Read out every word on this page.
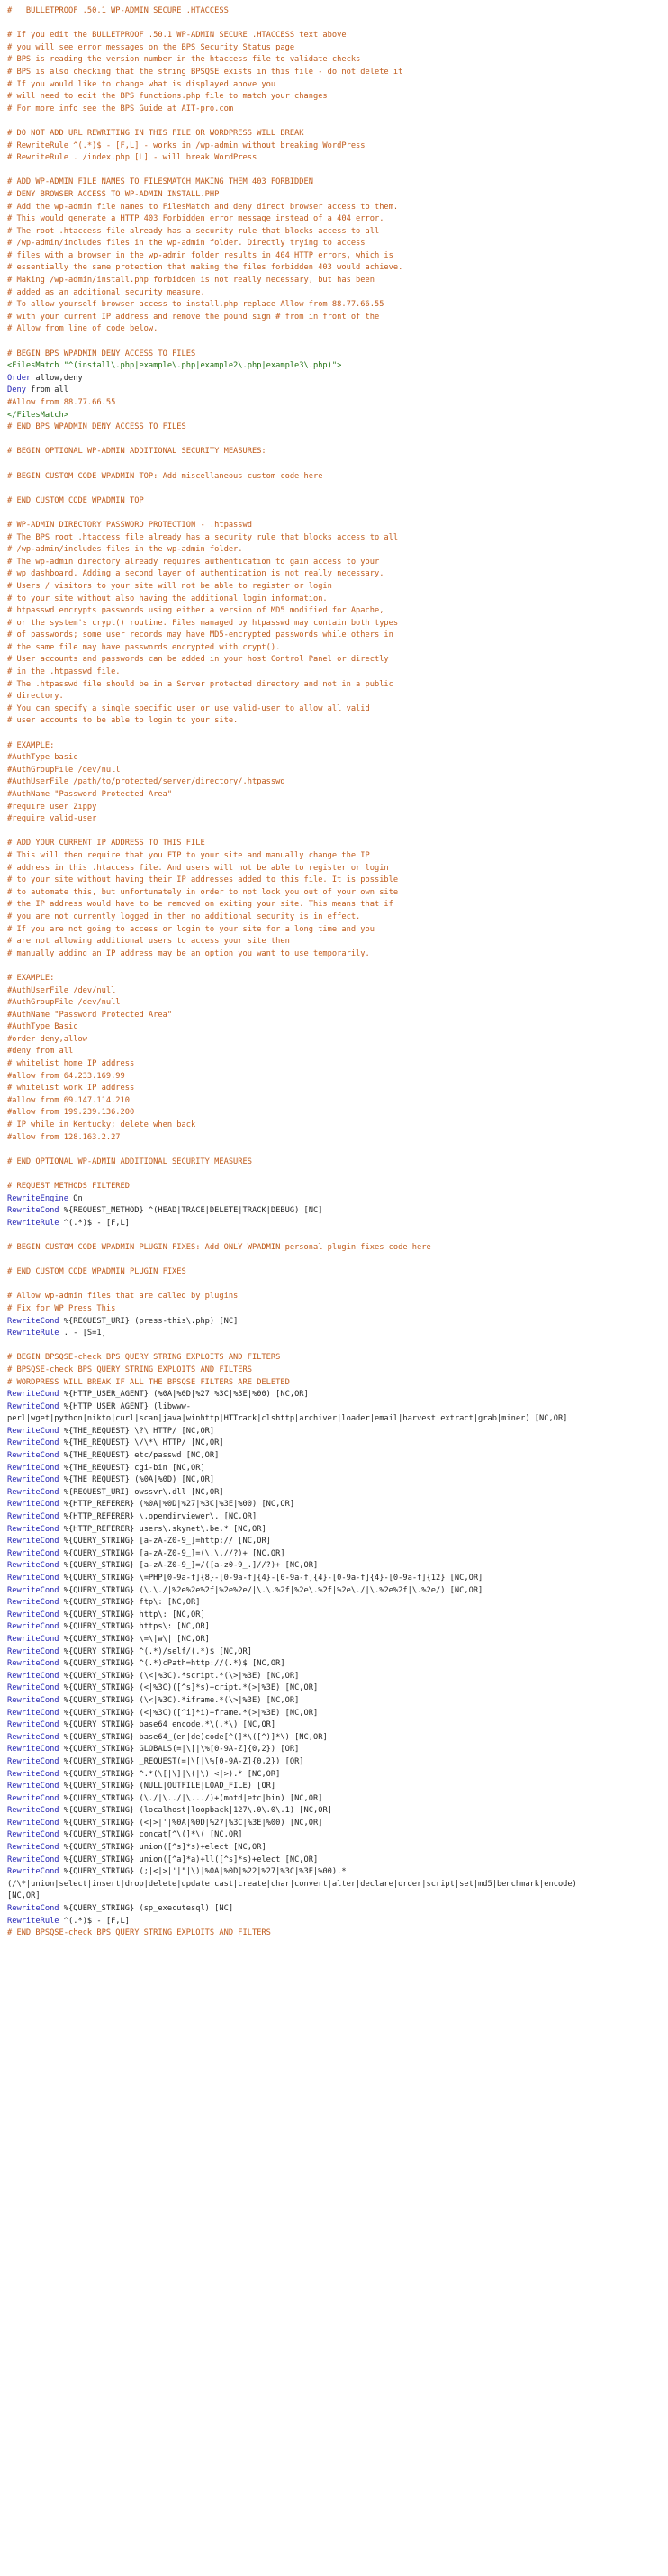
#   BULLETPROOF .50.1 WP-ADMIN SECURE .HTACCESS
# If you edit the BULLETPROOF .50.1 WP-ADMIN SECURE .HTACCESS text above
# you will see error messages on the BPS Security Status page
# BPS is reading the version number in the htaccess file to validate checks
# BPS is also checking that the string BPSQSE exists in this file - do not delete it
# If you would like to change what is displayed above you
# will need to edit the BPS functions.php file to match your changes
# For more info see the BPS Guide at AIT-pro.com
# DO NOT ADD URL REWRITING IN THIS FILE OR WORDPRESS WILL BREAK
# RewriteRule ^(.*)$ - [F,L] - works in /wp-admin without breaking WordPress
# RewriteRule . /index.php [L] - will break WordPress
# ADD WP-ADMIN FILE NAMES TO FILESMATCH MAKING THEM 403 FORBIDDEN
# DENY BROWSER ACCESS TO WP-ADMIN INSTALL.PHP
# Add the wp-admin file names to FilesMatch and deny direct browser access to them.
# This would generate a HTTP 403 Forbidden error message instead of a 404 error.
# The root .htaccess file already has a security rule that blocks access to all
# /wp-admin/includes files in the wp-admin folder. Directly trying to access
# files with a browser in the wp-admin folder results in 404 HTTP errors, which is
# essentially the same protection that making the files forbidden 403 would achieve.
# Making /wp-admin/install.php forbidden is not really necessary, but has been
# added as an additional security measure.
# To allow yourself browser access to install.php replace Allow from 88.77.66.55
# with your current IP address and remove the pound sign # from in front of the
# Allow from line of code below.
# BEGIN BPS WPADMIN DENY ACCESS TO FILES
<FilesMatch "^(install\.php|example\.php|example2\.php|example3\.php)">
Order allow,deny
Deny from all
#Allow from 88.77.66.55
</FilesMatch>
# END BPS WPADMIN DENY ACCESS TO FILES
# BEGIN OPTIONAL WP-ADMIN ADDITIONAL SECURITY MEASURES:
# BEGIN CUSTOM CODE WPADMIN TOP: Add miscellaneous custom code here
# END CUSTOM CODE WPADMIN TOP
# WP-ADMIN DIRECTORY PASSWORD PROTECTION - .htpasswd
# The BPS root .htaccess file already has a security rule that blocks access to all
# /wp-admin/includes files in the wp-admin folder.
# The wp-admin directory already requires authentication to gain access to your
# wp dashboard. Adding a second layer of authentication is not really necessary.
# Users / visitors to your site will not be able to register or login
# to your site without also having the additional login information.
# htpasswd encrypts passwords using either a version of MD5 modified for Apache,
# or the system's crypt() routine. Files managed by htpasswd may contain both types
# of passwords; some user records may have MD5-encrypted passwords while others in
# the same file may have passwords encrypted with crypt().
# User accounts and passwords can be added in your host Control Panel or directly
# in the .htpasswd file.
# The .htpasswd file should be in a Server protected directory and not in a public
# directory.
# You can specify a single specific user or use valid-user to allow all valid
# user accounts to be able to login to your site.
# EXAMPLE:
#AuthType basic
#AuthGroupFile /dev/null
#AuthUserFile /path/to/protected/server/directory/.htpasswd
#AuthName "Password Protected Area"
#require user Zippy
#require valid-user
# ADD YOUR CURRENT IP ADDRESS TO THIS FILE
# This will then require that you FTP to your site and manually change the IP
# address in this .htaccess file. And users will not be able to register or login
# to your site without having their IP addresses added to this file. It is possible
# to automate this, but unfortunately in order to not lock you out of your own site
# the IP address would have to be removed on exiting your site. This means that if
# you are not currently logged in then no additional security is in effect.
# If you are not going to access or login to your site for a long time and you
# are not allowing additional users to access your site then
# manually adding an IP address may be an option you want to use temporarily.
# EXAMPLE:
#AuthUserFile /dev/null
#AuthGroupFile /dev/null
#AuthName "Password Protected Area"
#AuthType Basic
#order deny,allow
#deny from all
# whitelist home IP address
#allow from 64.233.169.99
# whitelist work IP address
#allow from 69.147.114.210
#allow from 199.239.136.200
# IP while in Kentucky; delete when back
#allow from 128.163.2.27
# END OPTIONAL WP-ADMIN ADDITIONAL SECURITY MEASURES
# REQUEST METHODS FILTERED
RewriteEngine On
RewriteCond %{REQUEST_METHOD} ^(HEAD|TRACE|DELETE|TRACK|DEBUG) [NC]
RewriteRule ^(.*)$ - [F,L]
# BEGIN CUSTOM CODE WPADMIN PLUGIN FIXES: Add ONLY WPADMIN personal plugin fixes code here
# END CUSTOM CODE WPADMIN PLUGIN FIXES
# Allow wp-admin files that are called by plugins
# Fix for WP Press This
RewriteCond %{REQUEST_URI} (press-this\.php) [NC]
RewriteRule . - [S=1]
# BEGIN BPSQSE-check BPS QUERY STRING EXPLOITS AND FILTERS
# BPSQSE-check BPS QUERY STRING EXPLOITS AND FILTERS
# WORDPRESS WILL BREAK IF ALL THE BPSQSE FILTERS ARE DELETED
RewriteCond %{HTTP_USER_AGENT} (%0A|%0D|%27|%3C|%3E|%00) [NC,OR]
RewriteCond %{HTTP_USER_AGENT} (libwww-
perl|wget|python|nikto|curl|scan|java|winhttp|HTTrack|clshttp|archiver|loader|email|harvest|extract|grab|miner) [NC,OR]
RewriteCond %{THE_REQUEST} \?\ HTTP/ [NC,OR]
RewriteCond %{THE_REQUEST} \/\*\ HTTP/ [NC,OR]
RewriteCond %{THE_REQUEST} etc/passwd [NC,OR]
RewriteCond %{THE_REQUEST} cgi-bin [NC,OR]
RewriteCond %{THE_REQUEST} (%0A|%0D) [NC,OR]
RewriteCond %{REQUEST_URI} owssvr\.dll [NC,OR]
RewriteCond %{HTTP_REFERER} (%0A|%0D|%27|%3C|%3E|%00) [NC,OR]
RewriteCond %{HTTP_REFERER} \.opendirviewer\. [NC,OR]
RewriteCond %{HTTP_REFERER} users\.skynet\.be.* [NC,OR]
RewriteCond %{QUERY_STRING} [a-zA-Z0-9_]=http:// [NC,OR]
RewriteCond %{QUERY_STRING} [a-zA-Z0-9_]=(\.\.//?)+ [NC,OR]
RewriteCond %{QUERY_STRING} [a-zA-Z0-9_]=/([a-z0-9_.]//?)+ [NC,OR]
RewriteCond %{QUERY_STRING} \=PHP[0-9a-f]{8}-[0-9a-f]{4}-[0-9a-f]{4}-[0-9a-f]{4}-[0-9a-f]{12} [NC,OR]
RewriteCond %{QUERY_STRING} (\.\./|%2e%2e%2f|%2e%2e/|\.\.%2f|%2e\.%2f|%2e\./|\.%2e%2f|\.%2e/) [NC,OR]
RewriteCond %{QUERY_STRING} ftp\: [NC,OR]
RewriteCond %{QUERY_STRING} http\: [NC,OR]
RewriteCond %{QUERY_STRING} https\: [NC,OR]
RewriteCond %{QUERY_STRING} \=\|w\| [NC,OR]
RewriteCond %{QUERY_STRING} ^(.*)/self/(.*)$ [NC,OR]
RewriteCond %{QUERY_STRING} ^(.*)cPath=http://(.*)$ [NC,OR]
RewriteCond %{QUERY_STRING} (\<|%3C).*script.*(\>|%3E) [NC,OR]
RewriteCond %{QUERY_STRING} (<|%3C)([^s]*s)+cript.*(>|%3E) [NC,OR]
RewriteCond %{QUERY_STRING} (\<|%3C).*iframe.*(\>|%3E) [NC,OR]
RewriteCond %{QUERY_STRING} (<|%3C)([^i]*i)+frame.*(>|%3E) [NC,OR]
RewriteCond %{QUERY_STRING} base64_encode.*\(.*\) [NC,OR]
RewriteCond %{QUERY_STRING} base64_(en|de)code[^(]*\([^)]*\) [NC,OR]
RewriteCond %{QUERY_STRING} GLOBALS(=|\[|\%[0-9A-Z]{0,2}) [OR]
RewriteCond %{QUERY_STRING} _REQUEST(=|\[|\%[0-9A-Z]{0,2}) [OR]
RewriteCond %{QUERY_STRING} ^.*(\[|\]|\(|\)|<|>).* [NC,OR]
RewriteCond %{QUERY_STRING} (NULL|OUTFILE|LOAD_FILE) [OR]
RewriteCond %{QUERY_STRING} (\./|\../|\.../)+(motd|etc|bin) [NC,OR]
RewriteCond %{QUERY_STRING} (localhost|loopback|127\.0\.0\.1) [NC,OR]
RewriteCond %{QUERY_STRING} (<|>|'|%0A|%0D|%27|%3C|%3E|%00) [NC,OR]
RewriteCond %{QUERY_STRING} concat[^\(]*\( [NC,OR]
RewriteCond %{QUERY_STRING} union([^s]*s)+elect [NC,OR]
RewriteCond %{QUERY_STRING} union([^a]*a)+ll([^s]*s)+elect [NC,OR]
RewriteCond %{QUERY_STRING} (;|<|>|'|"|\)|%0A|%0D|%22|%27|%3C|%3E|%00).*
(/\*|union|select|insert|drop|delete|update|cast|create|char|convert|alter|declare|order|script|set|md5|benchmark|encode)
[NC,OR]
RewriteCond %{QUERY_STRING} (sp_executesql) [NC]
RewriteRule ^(.*)$ - [F,L]
# END BPSQSE-check BPS QUERY STRING EXPLOITS AND FILTERS
